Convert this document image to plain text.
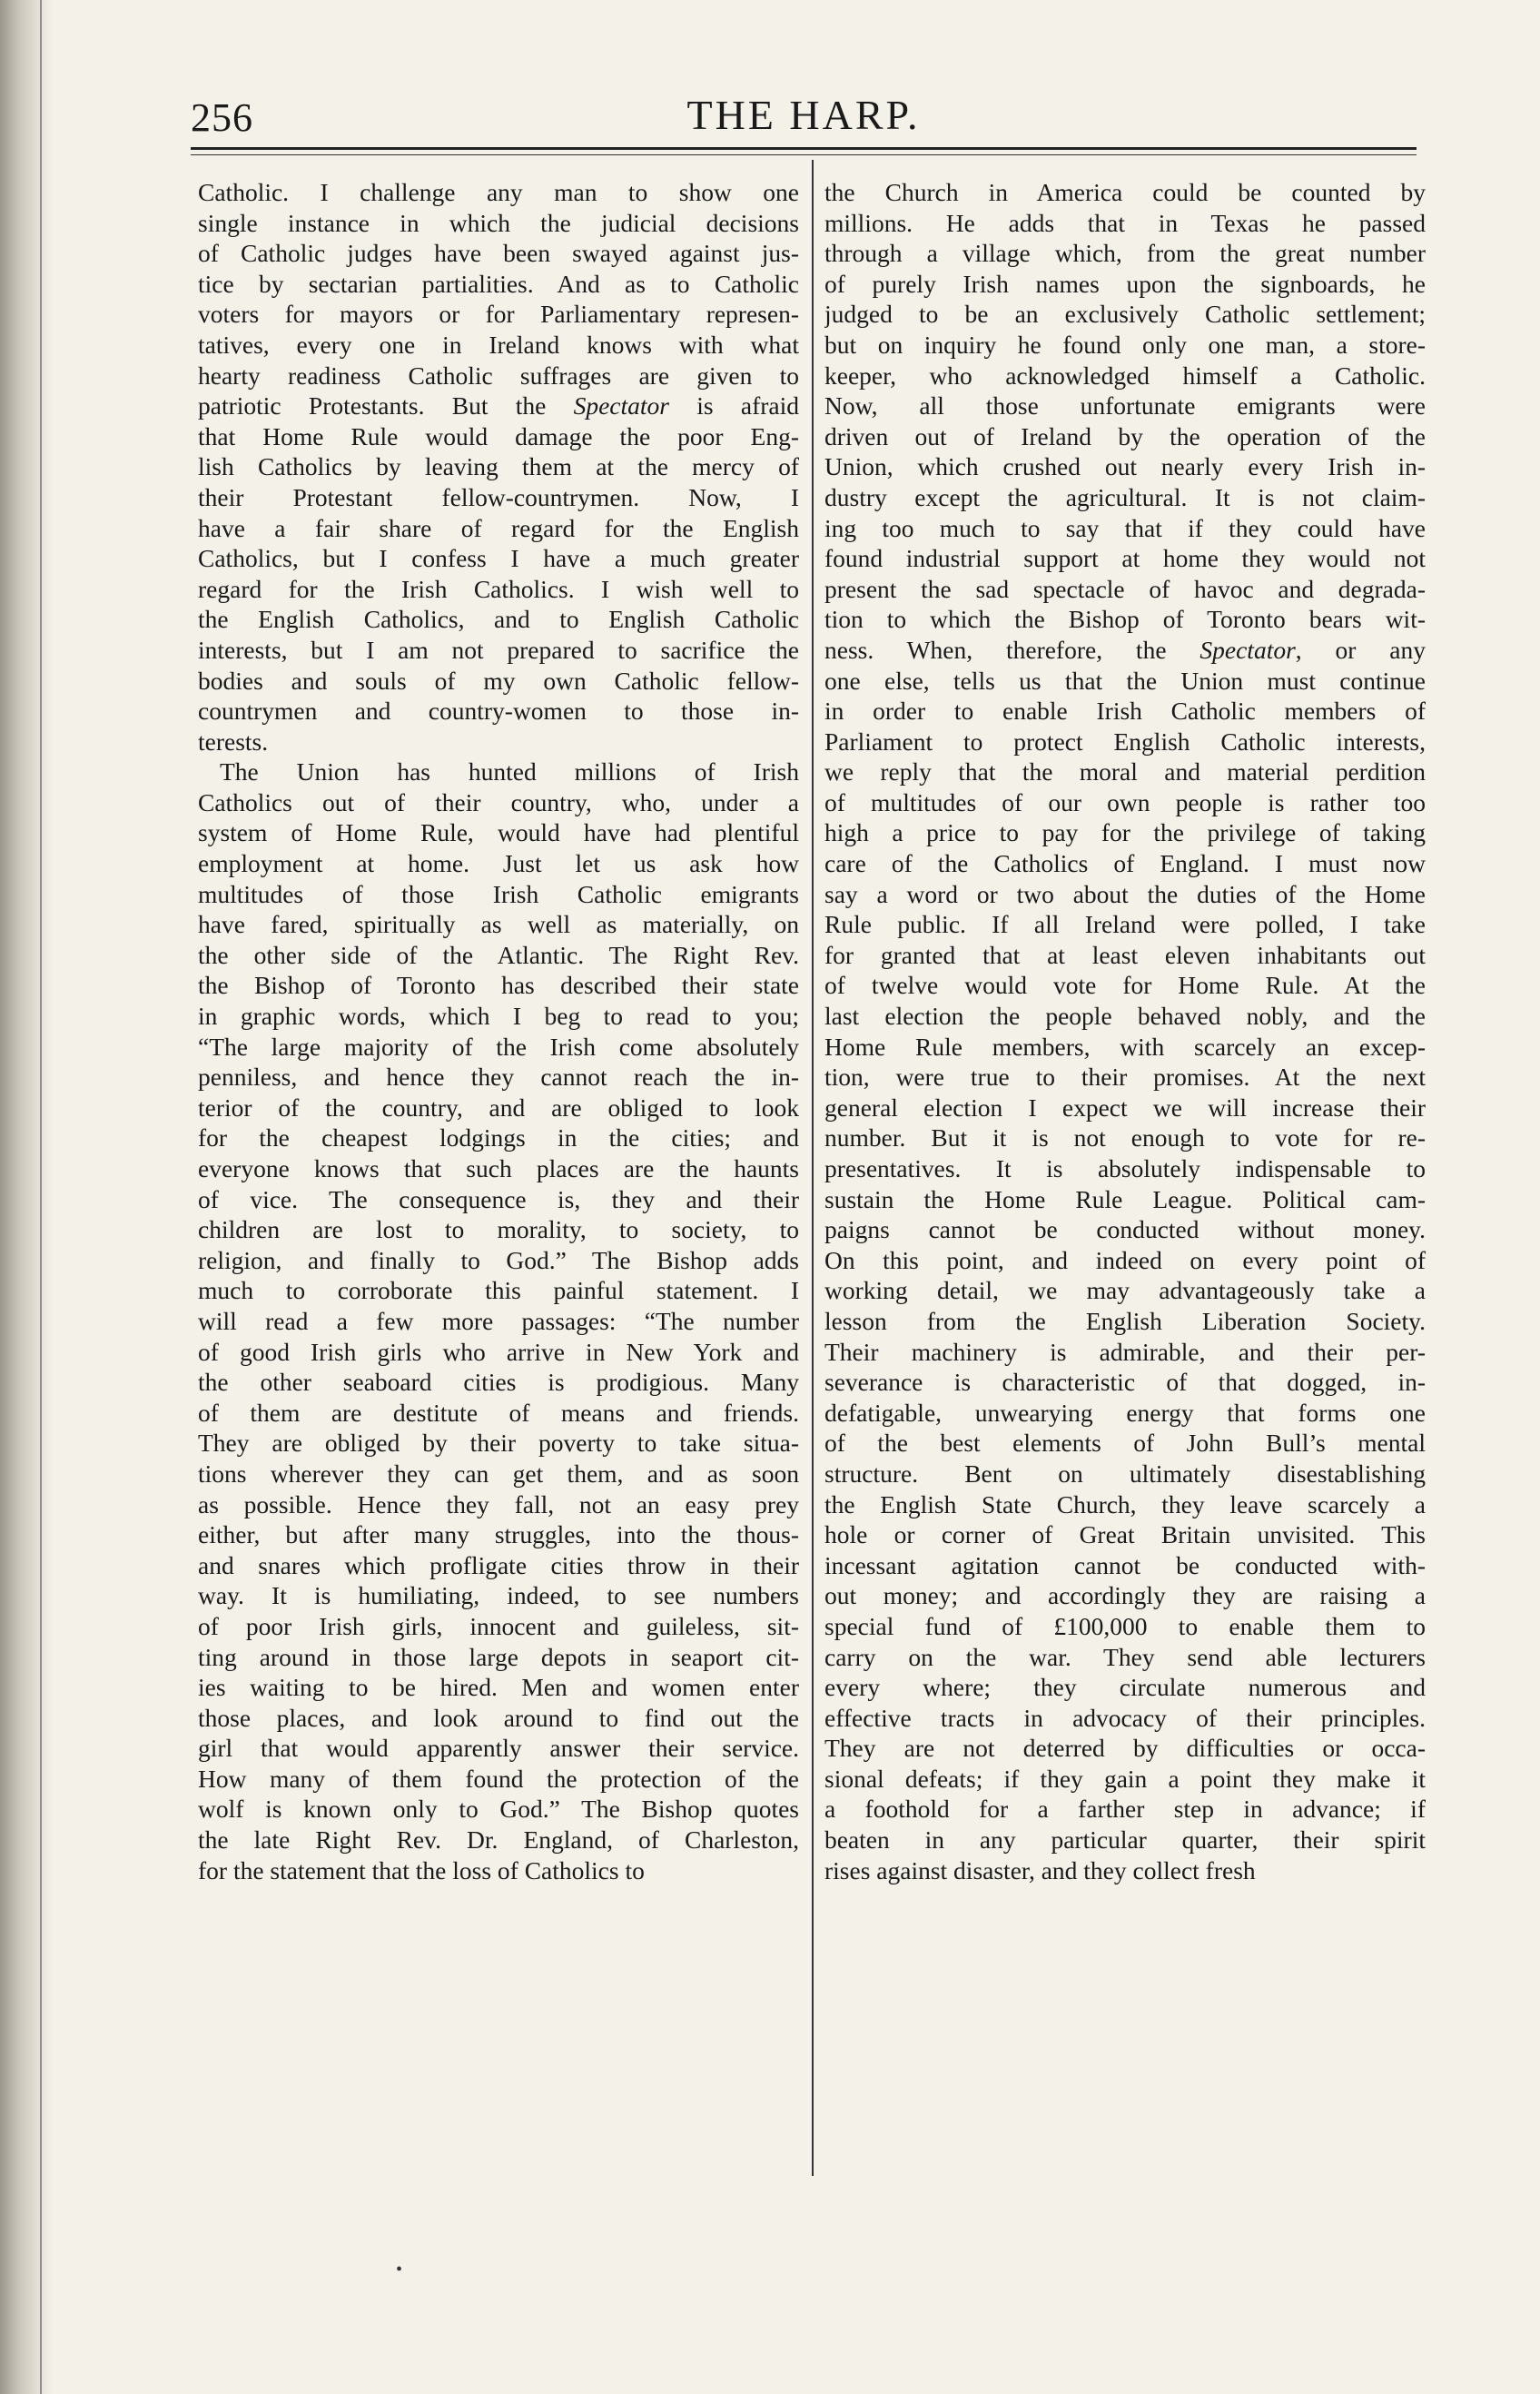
256	THE HARP.
Catholic. I challenge any man to show one
single instance in which the judicial decisions
of Catholic judges have been swayed against jus-
tice by sectarian partialities. And as to Catholic
voters for mayors or for Parliamentary represen-
tatives, every one in Ireland knows with what
hearty readiness Catholic suffrages are given to
patriotic Protestants. But the Spectator is afraid
that Home Rule would damage the poor Eng-
lish Catholics by leaving them at the mercy of
their Protestant fellow-countrymen. Now, I
have a fair share of regard for the English
Catholics, but I confess I have a much greater
regard for the Irish Catholics. I wish well to
the English Catholics, and to English Catholic
interests, but I am not prepared to sacrifice the
bodies and souls of my own Catholic fellow-
countrymen and country-women to those in-
terests.
The Union has hunted millions of Irish
Catholics out of their country, who, under a
system of Home Rule, would have had plentiful
employment at home. Just let us ask how
multitudes of those Irish Catholic emigrants
have fared, spiritually as well as materially, on
the other side of the Atlantic. The Right Rev.
the Bishop of Toronto has described their state
in graphic words, which I beg to read to you;
“The large majority of the Irish come absolutely
penniless, and hence they cannot reach the in-
terior of the country, and are obliged to look
for the cheapest lodgings in the cities; and
everyone knows that such places are the haunts
of vice. The consequence is, they and their
children are lost to morality, to society, to
religion, and finally to God.” The Bishop adds
much to corroborate this painful statement. I
will read a few more passages: “The number
of good Irish girls who arrive in New York and
the other seaboard cities is prodigious. Many
of them are destitute of means and friends.
They are obliged by their poverty to take situa-
tions wherever they can get them, and as soon
as possible. Hence they fall, not an easy prey
either, but after many struggles, into the thous-
and snares which profligate cities throw in their
way. It is humiliating, indeed, to see numbers
of poor Irish girls, innocent and guileless, sit-
ting around in those large depots in seaport cit-
ies waiting to be hired. Men and women enter
those places, and look around to find out the
girl that would apparently answer their service.
How many of them found the protection of the
wolf is known only to God.” The Bishop quotes
the late Right Rev. Dr. England, of Charleston,
for the statement that the loss of Catholics to
the Church in America could be counted by
millions. He adds that in Texas he passed
through a village which, from the great number
of purely Irish names upon the signboards, he
judged to be an exclusively Catholic settlement;
but on inquiry he found only one man, a store-
keeper, who acknowledged himself a Catholic.
Now, all those unfortunate emigrants were
driven out of Ireland by the operation of the
Union, which crushed out nearly every Irish in-
dustry except the agricultural. It is not claim-
ing too much to say that if they could have
found industrial support at home they would not
present the sad spectacle of havoc and degrada-
tion to which the Bishop of Toronto bears wit-
ness. When, therefore, the Spectator, or any
one else, tells us that the Union must continue
in order to enable Irish Catholic members of
Parliament to protect English Catholic interests,
we reply that the moral and material perdition
of multitudes of our own people is rather too
high a price to pay for the privilege of taking
care of the Catholics of England. I must now
say a word or two about the duties of the Home
Rule public. If all Ireland were polled, I take
for granted that at least eleven inhabitants out
of twelve would vote for Home Rule. At the
last election the people behaved nobly, and the
Home Rule members, with scarcely an excep-
tion, were true to their promises. At the next
general election I expect we will increase their
number. But it is not enough to vote for re-
presentatives. It is absolutely indispensable to
sustain the Home Rule League. Political cam-
paigns cannot be conducted without money.
On this point, and indeed on every point of
working detail, we may advantageously take a
lesson from the English Liberation Society.
Their machinery is admirable, and their per-
severance is characteristic of that dogged, in-
defatigable, unwearying energy that forms one
of the best elements of John Bull’s mental
structure. Bent on ultimately disestablishing
the English State Church, they leave scarcely a
hole or corner of Great Britain unvisited. This
incessant agitation cannot be conducted with-
out money; and accordingly they are raising a
special fund of £100,000 to enable them to
carry on the war. They send able lecturers
every where; they circulate numerous and
effective tracts in advocacy of their principles.
They are not deterred by difficulties or occa-
sional defeats; if they gain a point they make it
a foothold for a farther step in advance; if
beaten in any particular quarter, their spirit
rises against disaster, and they collect fresh
•
